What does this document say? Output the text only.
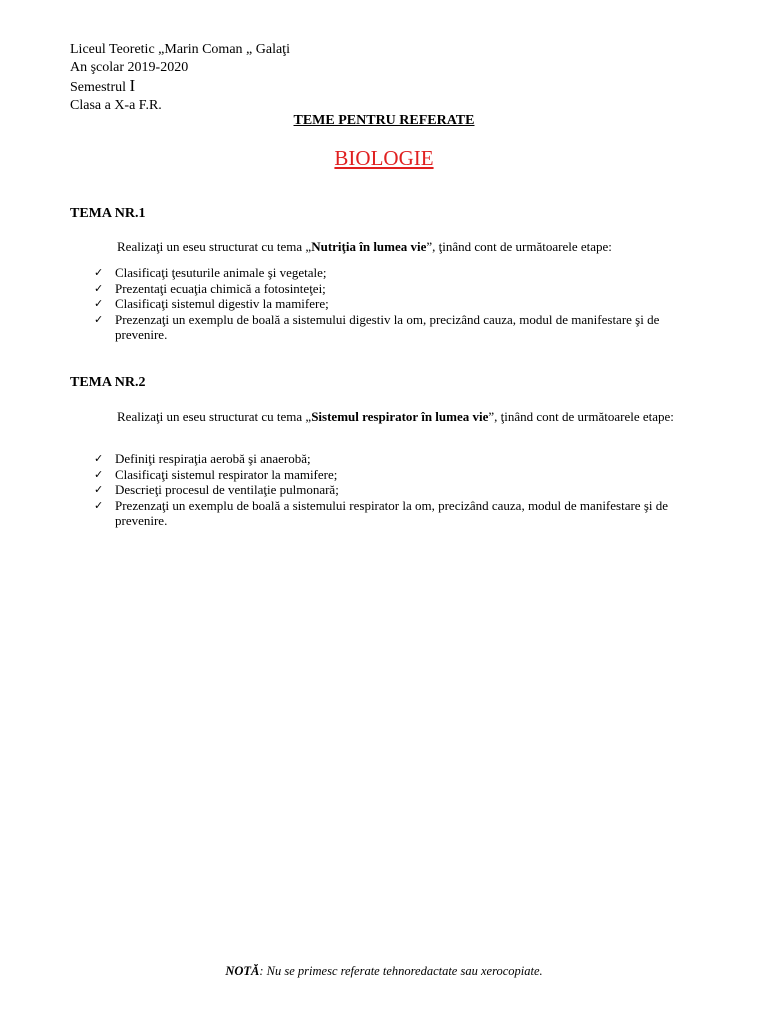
Liceul Teoretic „Marin Coman „ Galaţi
An şcolar 2019-2020
Semestrul I
Clasa a X-a F.R.
TEME PENTRU REFERATE
BIOLOGIE
TEMA NR.1
Realizaţi un eseu structurat cu tema „Nutriţia în lumea vie”, ţinând cont de următoarele etape:
✓ Clasificaţi ţesuturile animale şi vegetale;
✓ Prezentaţi ecuaţia chimică a fotosintеţei;
✓ Clasificaţi sistemul digestiv la mamifere;
✓ Prezenzaţi un exemplu de boală a sistemului digestiv la om, precizând cauza, modul de manifestare şi de prevenire.
TEMA NR.2
Realizaţi un eseu structurat cu tema „Sistemul respirator în lumea vie”, ţinând cont de următoarele etape:
✓ Definiţi respiraţia aerobă şi anaerobă;
✓ Clasificaţi sistemul respirator la mamifere;
✓ Descrieţi procesul de ventilaţie pulmonară;
✓ Prezenzaţi un exemplu de boală a sistemului respirator la om, precizând cauza, modul de manifestare şi de prevenire.
NOTĂ: Nu se primesc referate tehnoredactate sau xerocopiate.
